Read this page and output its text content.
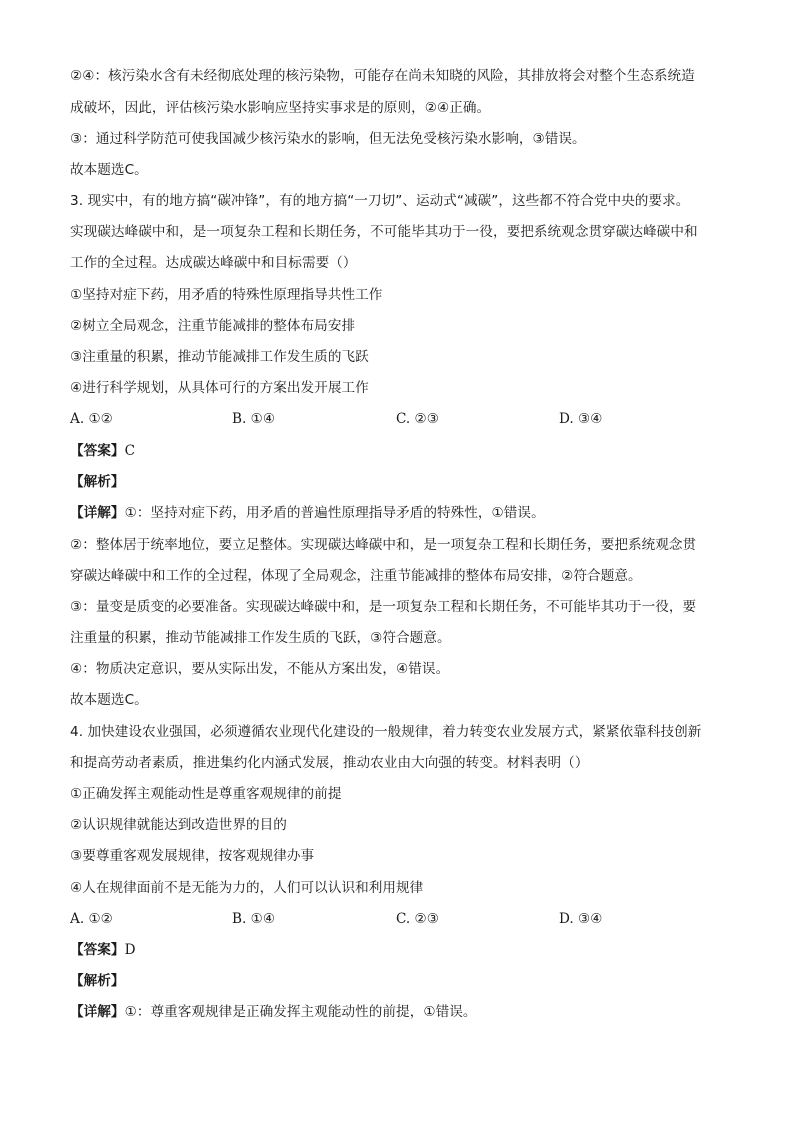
②④：核污染水含有未经彻底处理的核污染物，可能存在尚未知晓的风险，其排放将会对整个生态系统造
成破坏，因此，评估核污染水影响应坚持实事求是的原则，②④正确。
③：通过科学防范可使我国减少核污染水的影响，但无法免受核污染水影响，③错误。
故本题选C。
3. 现实中，有的地方搞“碳冲锋”，有的地方搞“一刀切”、运动式“减碳”，这些都不符合党中央的要求。
实现碳达峰碳中和，是一项复杂工程和长期任务，不可能毕其功于一役，要把系统观念贯穿碳达峰碳中和
工作的全过程。达成碳达峰碳中和目标需要（）
①坚持对症下药，用矛盾的特殊性原理指导共性工作
②树立全局观念，注重节能减排的整体布局安排
③注重量的积累，推动节能减排工作发生质的飞跃
④进行科学规划，从具体可行的方案出发开展工作
A. ①②	B. ①④	C. ②③	D. ③④
【答案】C
【解析】
【详解】①：坚持对症下药，用矛盾的普遍性原理指导矛盾的特殊性，①错误。
②：整体居于统率地位，要立足整体。实现碳达峰碳中和，是一项复杂工程和长期任务，要把系统观念贯
穿碳达峰碳中和工作的全过程，体现了全局观念，注重节能减排的整体布局安排，②符合题意。
③：量变是质变的必要准备。实现碳达峰碳中和，是一项复杂工程和长期任务，不可能毕其功于一役，要
注重量的积累，推动节能减排工作发生质的飞跃，③符合题意。
④：物质决定意识，要从实际出发，不能从方案出发，④错误。
故本题选C。
4. 加快建设农业强国，必须遵循农业现代化建设的一般规律，着力转变农业发展方式，紧紧依靠科技创新
和提高劳动者素质，推进集约化内涵式发展，推动农业由大向强的转变。材料表明（）
①正确发挥主观能动性是尊重客观规律的前提
②认识规律就能达到改造世界的目的
③要尊重客观发展规律，按客观规律办事
④人在规律面前不是无能为力的，人们可以认识和利用规律
A. ①②	B. ①④	C. ②③	D. ③④
【答案】D
【解析】
【详解】①：尊重客观规律是正确发挥主观能动性的前提，①错误。
